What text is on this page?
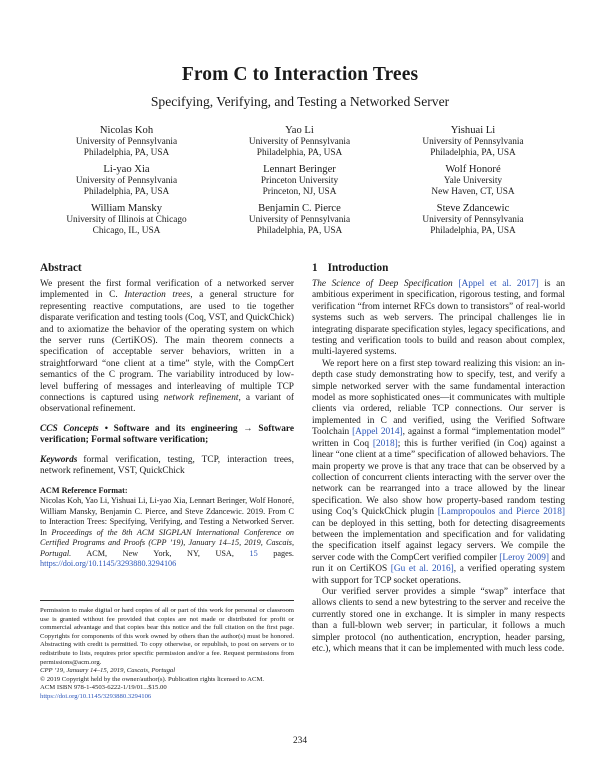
From C to Interaction Trees
Specifying, Verifying, and Testing a Networked Server
Nicolas Koh
University of Pennsylvania
Philadelphia, PA, USA
Yao Li
University of Pennsylvania
Philadelphia, PA, USA
Yishuai Li
University of Pennsylvania
Philadelphia, PA, USA
Li-yao Xia
University of Pennsylvania
Philadelphia, PA, USA
Lennart Beringer
Princeton University
Princeton, NJ, USA
Wolf Honoré
Yale University
New Haven, CT, USA
William Mansky
University of Illinois at Chicago
Chicago, IL, USA
Benjamin C. Pierce
University of Pennsylvania
Philadelphia, PA, USA
Steve Zdancewic
University of Pennsylvania
Philadelphia, PA, USA
Abstract

We present the first formal verification of a networked server implemented in C. Interaction trees, a general structure for representing reactive computations, are used to tie together disparate verification and testing tools (Coq, VST, and QuickChick) and to axiomatize the behavior of the operating system on which the server runs (CertiKOS). The main theorem connects a specification of acceptable server behaviors, written in a straightforward “one client at a time” style, with the CompCert semantics of the C program. The variability introduced by low-level buffering of messages and interleaving of multiple TCP connections is captured using network refinement, a variant of observational refinement.

CCS Concepts • Software and its engineering → Software verification; Formal software verification;

Keywords formal verification, testing, TCP, interaction trees, network refinement, VST, QuickChick

ACM Reference Format:

Nicolas Koh, Yao Li, Yishuai Li, Li-yao Xia, Lennart Beringer, Wolf Honoré, William Mansky, Benjamin C. Pierce, and Steve Zdancewic. 2019. From C to Interaction Trees: Specifying, Verifying, and Testing a Networked Server. In Proceedings of the 8th ACM SIGPLAN International Conference on Certified Programs and Proofs (CPP ’19), January 14–15, 2019, Cascais, Portugal. ACM, New York, NY, USA, 15 pages. https://doi.org/10.1145/3293880.3294106

Permission to make digital or hard copies of all or part of this work for personal or classroom use is granted without fee provided that copies are not made or distributed for profit or commercial advantage and that copies bear this notice and the full citation on the first page. Copyrights for components of this work owned by others than the author(s) must be honored. Abstracting with credit is permitted. To copy otherwise, or republish, to post on servers or to redistribute to lists, requires prior specific permission and/or a fee. Request permissions from permissions@acm.org.
CPP ’19, January 14–15, 2019, Cascais, Portugal
© 2019 Copyright held by the owner/author(s). Publication rights licensed to ACM.
ACM ISBN 978-1-4503-6222-1/19/01...$15.00
https://doi.org/10.1145/3293880.3294106
1 Introduction

The Science of Deep Specification [Appel et al. 2017] is an ambitious experiment in specification, rigorous testing, and formal verification “from internet RFCs down to transistors” of real-world systems such as web servers. The principal challenges lie in integrating disparate specification styles, legacy specifications, and testing and verification tools to build and reason about complex, multi-layered systems.

We report here on a first step toward realizing this vision: an in-depth case study demonstrating how to specify, test, and verify a simple networked server with the same fundamental interaction model as more sophisticated ones—it communicates with multiple clients via ordered, reliable TCP connections. Our server is implemented in C and verified, using the Verified Software Toolchain [Appel 2014], against a formal “implementation model” written in Coq [2018]; this is further verified (in Coq) against a linear “one client at a time” specification of allowed behaviors. The main property we prove is that any trace that can be observed by a collection of concurrent clients interacting with the server over the network can be rearranged into a trace allowed by the linear specification. We also show how property-based random testing using Coq’s QuickChick plugin [Lampropoulos and Pierce 2018] can be deployed in this setting, both for detecting disagreements between the implementation and specification and for validating the specification itself against legacy servers. We compile the server code with the CompCert verified compiler [Leroy 2009] and run it on CertiKOS [Gu et al. 2016], a verified operating system with support for TCP socket operations.

Our verified server provides a simple “swap” interface that allows clients to send a new bytestring to the server and receive the currently stored one in exchange. It is simpler in many respects than a full-blown web server; in particular, it follows a much simpler protocol (no authentication, encryption, header parsing, etc.), which means that it can be implemented with much less code.

234
